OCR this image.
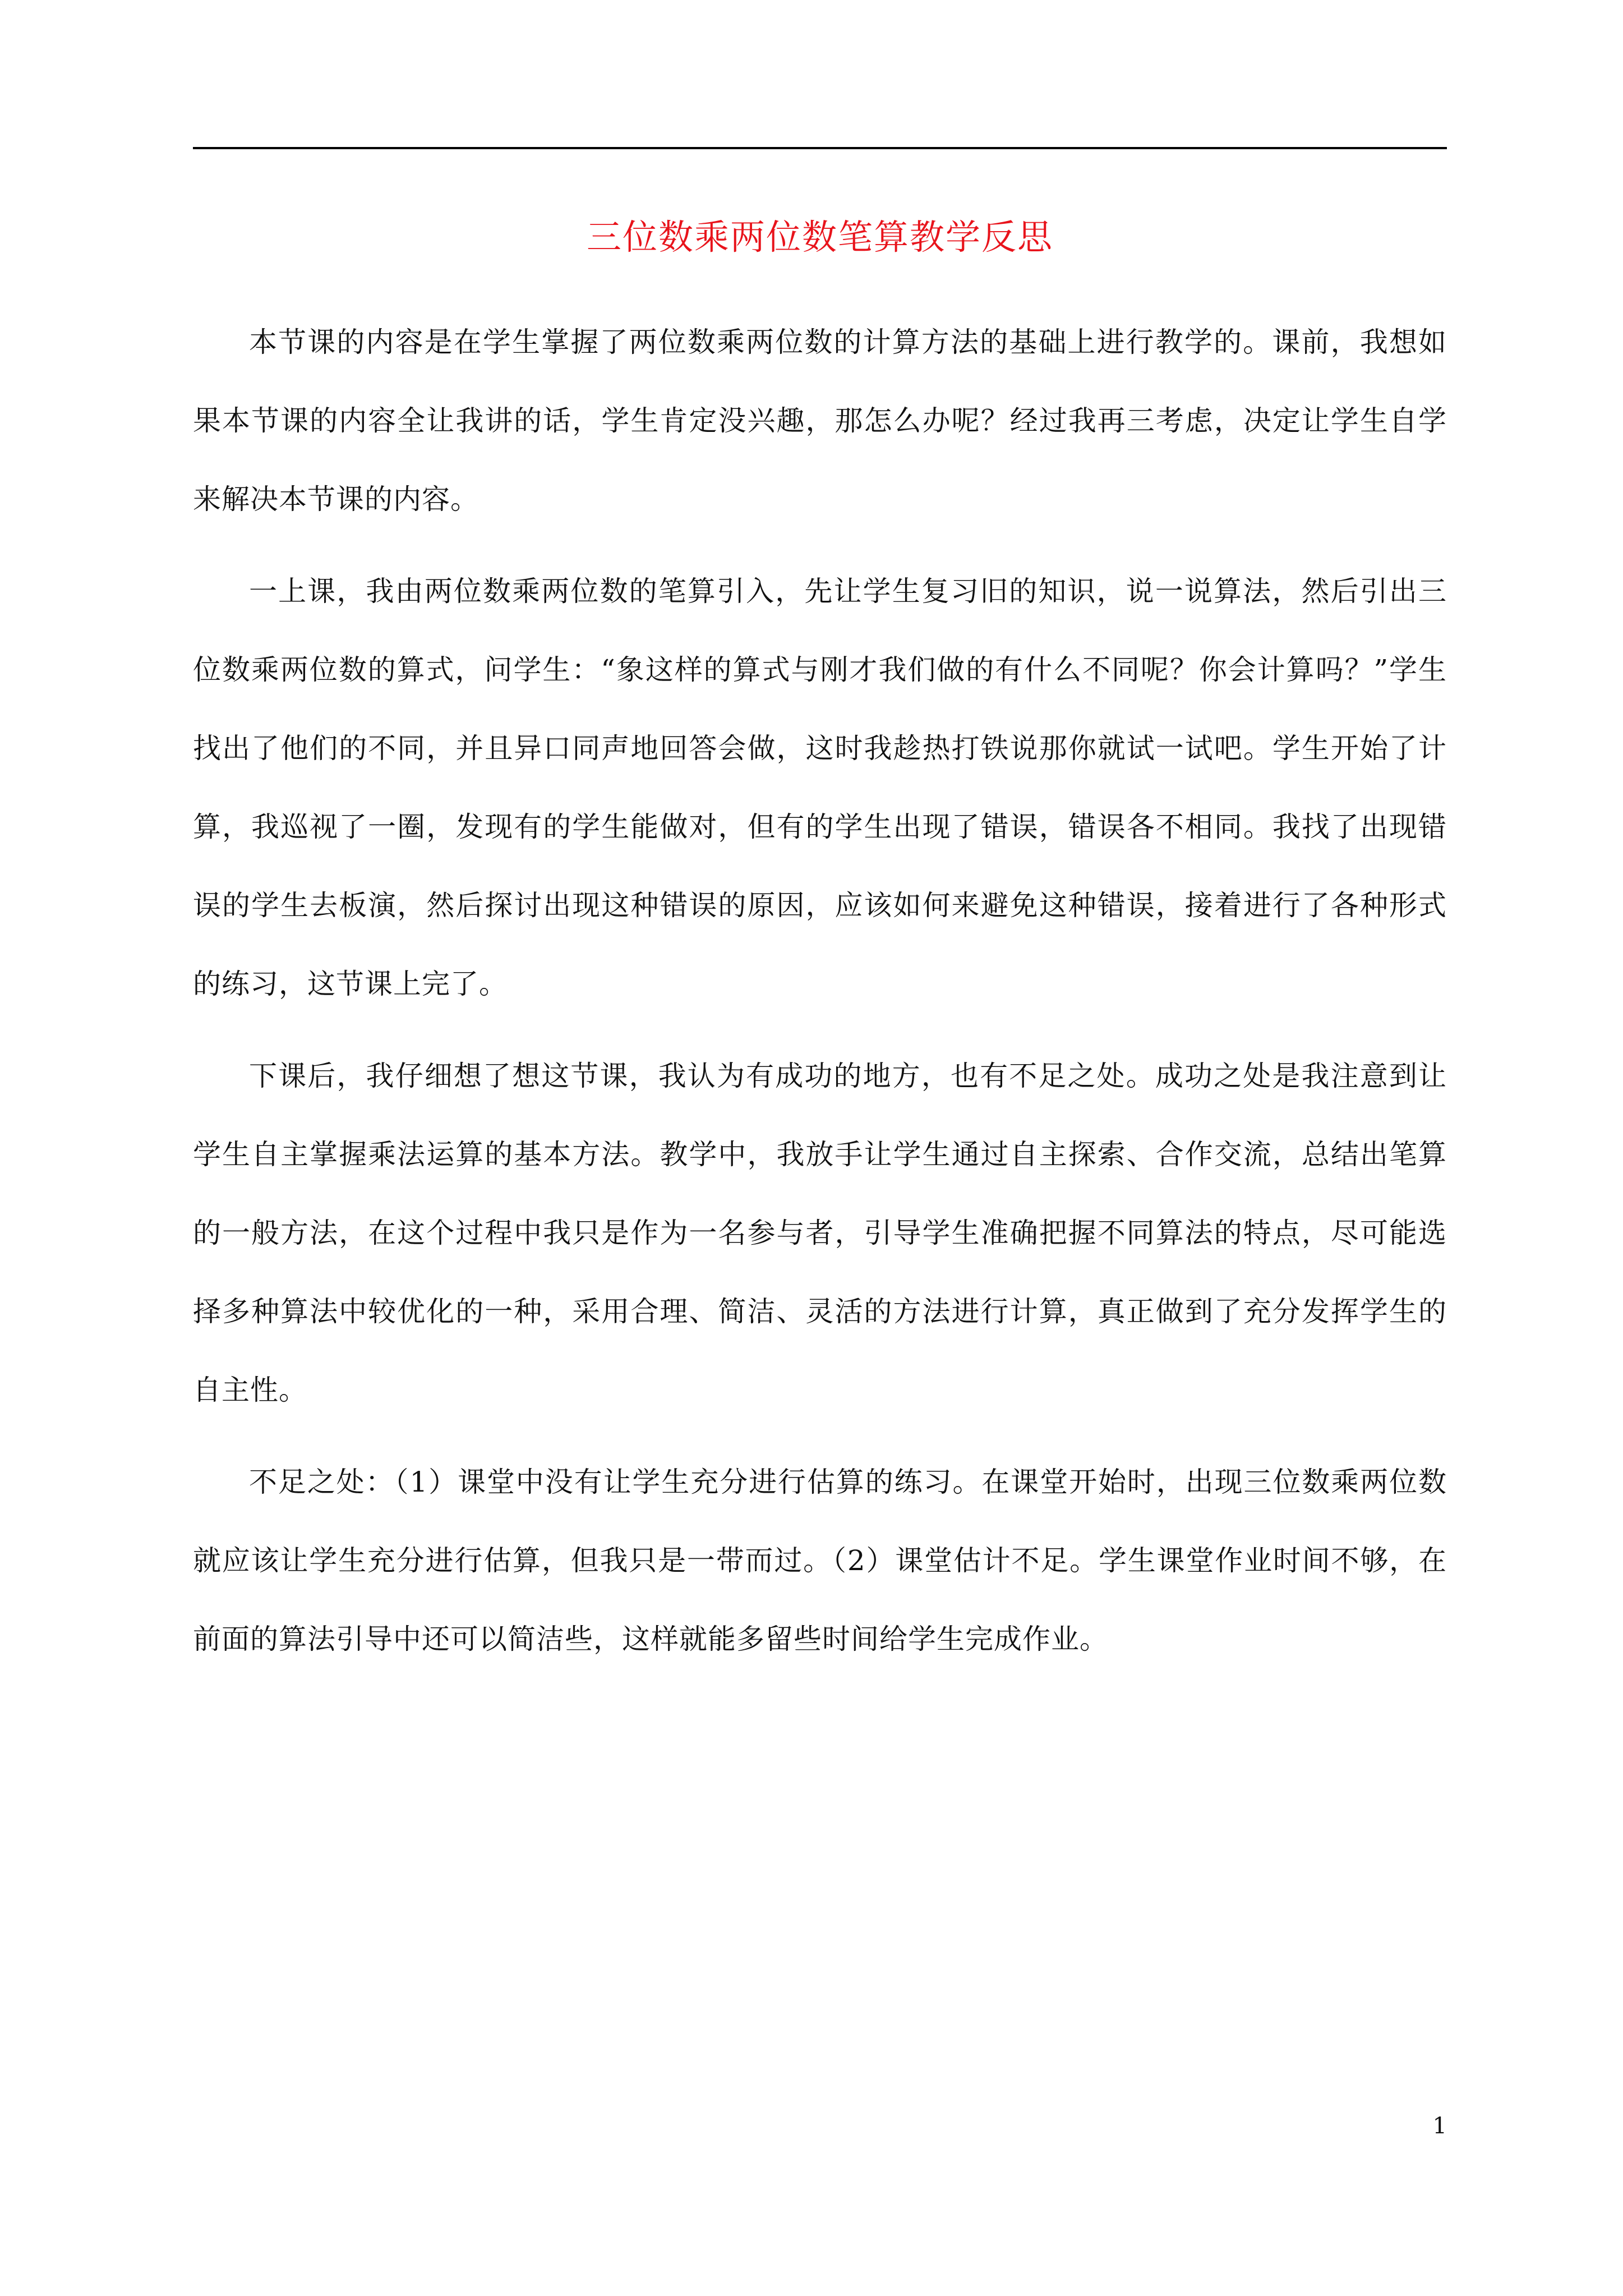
三位数乘两位数笔算教学反思

本节课的内容是在学生掌握了两位数乘两位数的计算方法的基础上进行教学的。课前，我想如果本节课的内容全让我讲的话，学生肯定没兴趣，那怎么办呢？经过我再三考虑，决定让学生自学来解决本节课的内容。

一上课，我由两位数乘两位数的笔算引入，先让学生复习旧的知识，说一说算法，然后引出三位数乘两位数的算式，问学生：“象这样的算式与刚才我们做的有什么不同呢？你会计算吗？”学生找出了他们的不同，并且异口同声地回答会做，这时我趁热打铁说那你就试一试吧。学生开始了计算，我巡视了一圈，发现有的学生能做对，但有的学生出现了错误，错误各不相同。我找了出现错误的学生去板演，然后探讨出现这种错误的原因，应该如何来避免这种错误，接着进行了各种形式的练习，这节课上完了。

下课后，我仔细想了想这节课，我认为有成功的地方，也有不足之处。成功之处是我注意到让学生自主掌握乘法运算的基本方法。教学中，我放手让学生通过自主探索、合作交流，总结出笔算的一般方法，在这个过程中我只是作为一名参与者，引导学生准确把握不同算法的特点，尽可能选择多种算法中较优化的一种，采用合理、简洁、灵活的方法进行计算，真正做到了充分发挥学生的自主性。

不足之处：（1）课堂中没有让学生充分进行估算的练习。在课堂开始时，出现三位数乘两位数就应该让学生充分进行估算，但我只是一带而过。（2）课堂估计不足。学生课堂作业时间不够，在前面的算法引导中还可以简洁些，这样就能多留些时间给学生完成作业。

1
